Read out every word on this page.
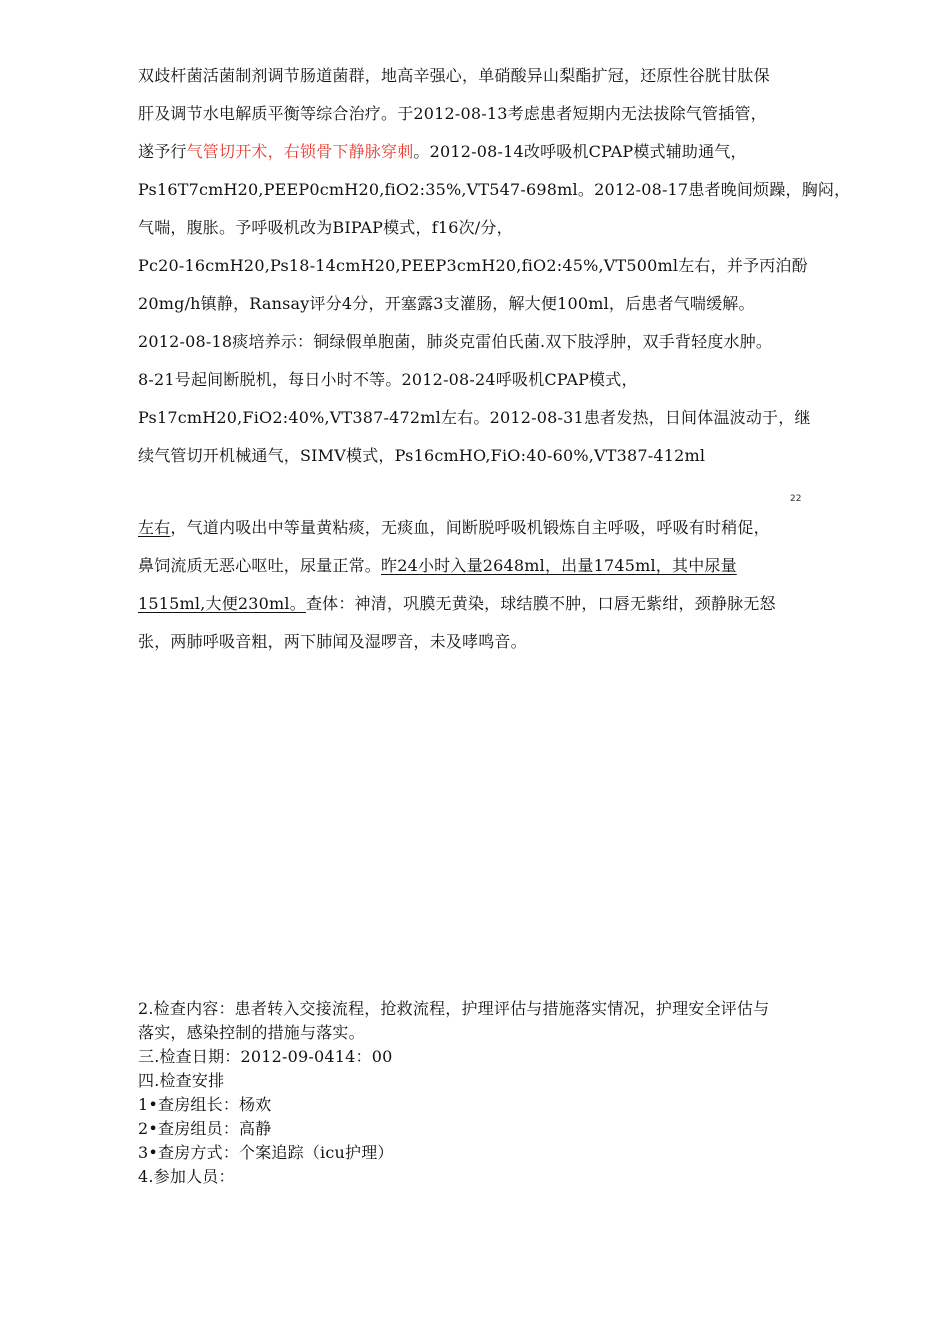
双歧杆菌活菌制剂调节肠道菌群，地高辛强心，单硝酸异山梨酯扩冠，还原性谷胱甘肽保
肝及调节水电解质平衡等综合治疗。于2012-08-13考虑患者短期内无法拔除气管插管，
遂予行气管切开术，右锁骨下静脉穿刺。2012-08-14改呼吸机CPAP模式辅助通气，
Ps16T7cmH20,PEEP0cmH20,fiO2:35%,VT547-698ml。2012-08-17患者晚间烦躁，胸闷，
气喘，腹胀。予呼吸机改为BIPAP模式，f16次/分，
Pc20-16cmH20,Ps18-14cmH20,PEEP3cmH20,fiO2:45%,VT500ml左右，并予丙泊酚
20mg/h镇静，Ransay评分4分，开塞露3支灌肠，解大便100ml，后患者气喘缓解。
2012-08-18痰培养示：铜绿假单胞菌，肺炎克雷伯氏菌.双下肢浮肿，双手背轻度水肿。
8-21号起间断脱机，每日小时不等。2012-08-24呼吸机CPAP模式，
Ps17cmH20,FiO2:40%,VT387-472ml左右。2012-08-31患者发热，日间体温波动于，继
续气管切开机械通气，SIMV模式，Ps16cmHO,FiO:40-60%,VT387-412ml
22
左右，气道内吸出中等量黄粘痰，无痰血，间断脱呼吸机锻炼自主呼吸，呼吸有时稍促，
鼻饲流质无恶心呕吐，尿量正常。昨24小时入量2648ml，出量1745ml，其中尿量
1515ml,大便230ml。查体：神清，巩膜无黄染，球结膜不肿，口唇无紫绀，颈静脉无怒
张，两肺呼吸音粗，两下肺闻及湿啰音，未及哮鸣音。
2.检查内容：患者转入交接流程，抢救流程，护理评估与措施落实情况，护理安全评估与
落实，感染控制的措施与落实。
三.检查日期：2012-09-0414：00
四.检查安排
1•查房组长：杨欢
2•查房组员：高静
3•查房方式：个案追踪（icu护理）
4.参加人员：
